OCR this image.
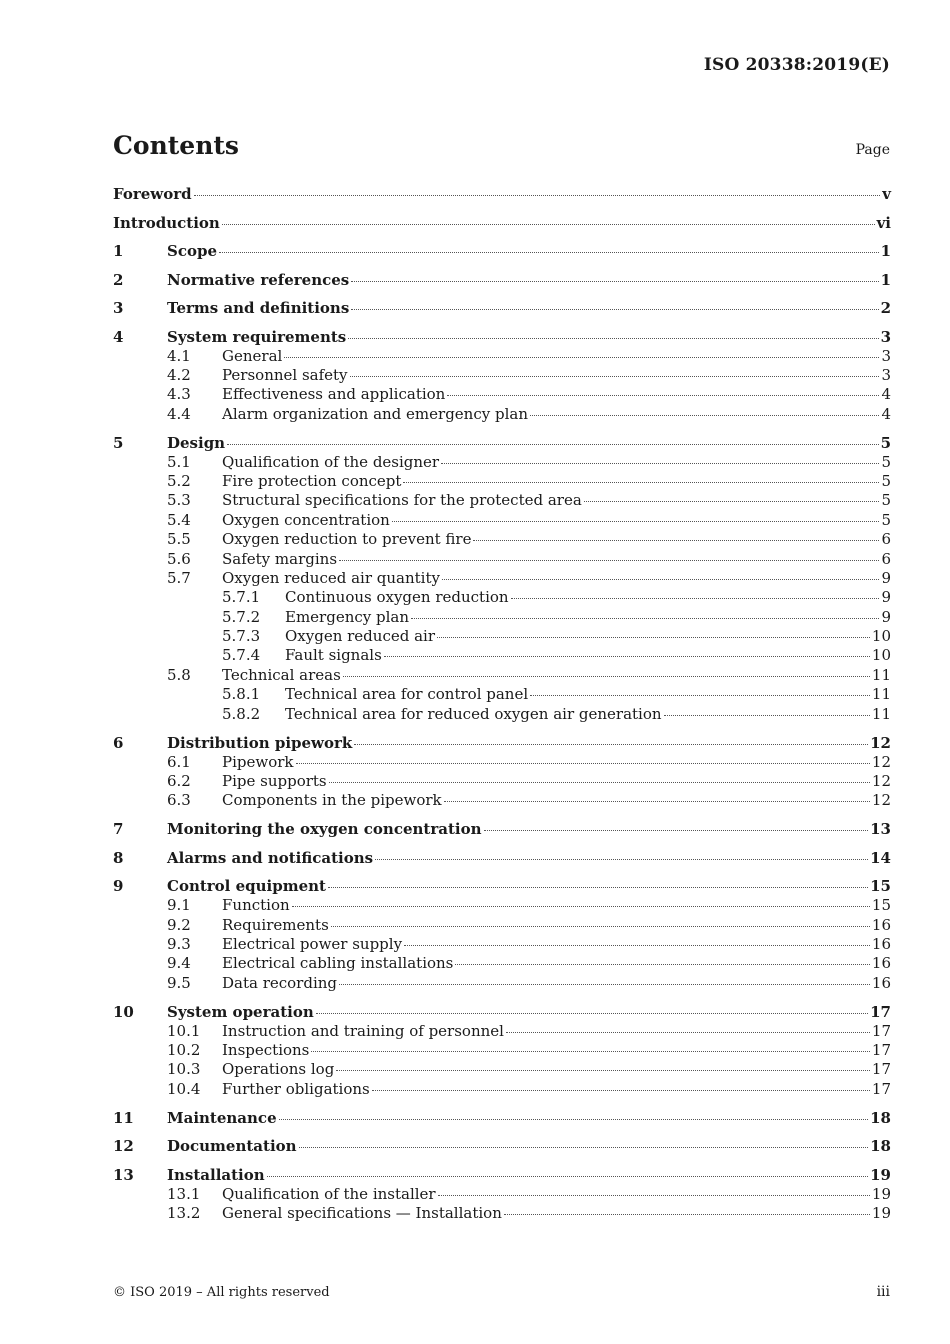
ISO 20338:2019(E)
Contents	Page
Foreword	v
Introduction	vi
1	Scope	1
2	Normative references	1
3	Terms and definitions	2
4	System requirements	3
4.1	General	3
4.2	Personnel safety	3
4.3	Effectiveness and application	4
4.4	Alarm organization and emergency plan	4
5	Design	5
5.1	Qualification of the designer	5
5.2	Fire protection concept	5
5.3	Structural specifications for the protected area	5
5.4	Oxygen concentration	5
5.5	Oxygen reduction to prevent fire	6
5.6	Safety margins	6
5.7	Oxygen reduced air quantity	9
5.7.1	Continuous oxygen reduction	9
5.7.2	Emergency plan	9
5.7.3	Oxygen reduced air	10
5.7.4	Fault signals	10
5.8	Technical areas	11
5.8.1	Technical area for control panel	11
5.8.2	Technical area for reduced oxygen air generation	11
6	Distribution pipework	12
6.1	Pipework	12
6.2	Pipe supports	12
6.3	Components in the pipework	12
7	Monitoring the oxygen concentration	13
8	Alarms and notifications	14
9	Control equipment	15
9.1	Function	15
9.2	Requirements	16
9.3	Electrical power supply	16
9.4	Electrical cabling installations	16
9.5	Data recording	16
10	System operation	17
10.1	Instruction and training of personnel	17
10.2	Inspections	17
10.3	Operations log	17
10.4	Further obligations	17
11	Maintenance	18
12	Documentation	18
13	Installation	19
13.1	Qualification of the installer	19
13.2	General specifications — Installation	19
© ISO 2019 – All rights reserved	iii
